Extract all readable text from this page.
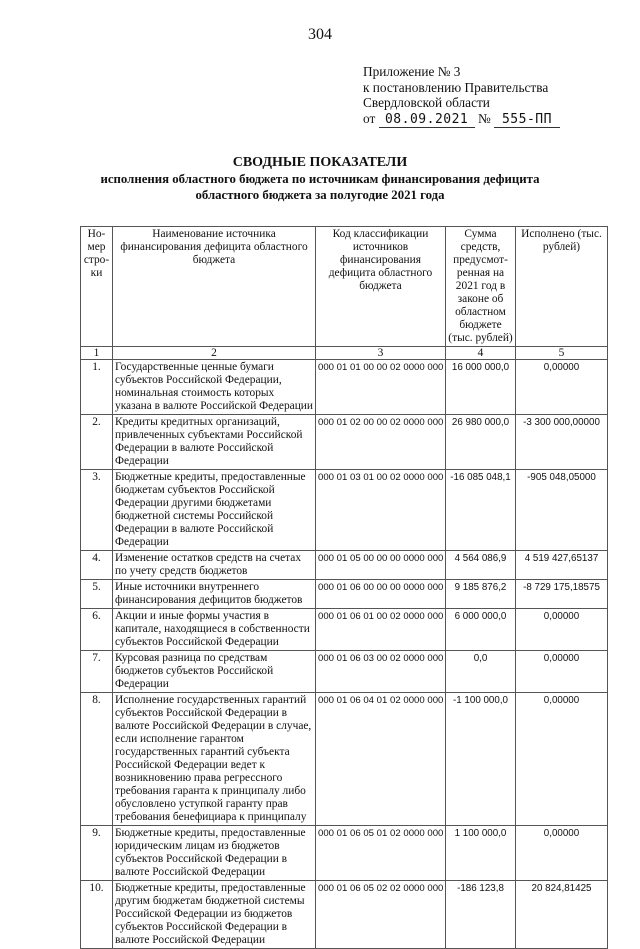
304
Приложение № 3
к постановлению Правительства
Свердловской области
от 08.09.2021 № 555-ПП
СВОДНЫЕ ПОКАЗАТЕЛИ
исполнения областного бюджета по источникам финансирования дефицита
областного бюджета за полугодие 2021 года
Но-мер стро-ки	Наименование источника финансирования дефицита областного бюджета	Код классификации источников финансирования дефицита областного бюджета	Сумма средств, предусмот-ренная на 2021 год в законе об областном бюджете (тыс. рублей)	Исполнено (тыс. рублей)
1	2	3	4	5
1.	Государственные ценные бумаги субъектов Российской Федерации, номинальная стоимость которых указана в валюте Российской Федерации	000 01 01 00 00 02 0000 000	16 000 000,0	0,00000
2.	Кредиты кредитных организаций, привлеченных субъектами Российской Федерации в валюте Российской Федерации	000 01 02 00 00 02 0000 000	26 980 000,0	-3 300 000,00000
3.	Бюджетные кредиты, предоставленные бюджетам субъектов Российской Федерации другими бюджетами бюджетной системы Российской Федерации в валюте Российской Федерации	000 01 03 01 00 02 0000 000	-16 085 048,1	-905 048,05000
4.	Изменение остатков средств на счетах по учету средств бюджетов	000 01 05 00 00 00 0000 000	4 564 086,9	4 519 427,65137
5.	Иные источники внутреннего финансирования дефицитов бюджетов	000 01 06 00 00 00 0000 000	9 185 876,2	-8 729 175,18575
6.	Акции и иные формы участия в капитале, находящиеся в собственности субъектов Российской Федерации	000 01 06 01 00 02 0000 000	6 000 000,0	0,00000
7.	Курсовая разница по средствам бюджетов субъектов Российской Федерации	000 01 06 03 00 02 0000 000	0,0	0,00000
8.	Исполнение государственных гарантий субъектов Российской Федерации в валюте Российской Федерации в случае, если исполнение гарантом государственных гарантий субъекта Российской Федерации ведет к возникновению права регрессного требования гаранта к принципалу либо обусловлено уступкой гаранту прав требования бенефициара к принципалу	000 01 06 04 01 02 0000 000	-1 100 000,0	0,00000
9.	Бюджетные кредиты, предоставленные юридическим лицам из бюджетов субъектов Российской Федерации в валюте Российской Федерации	000 01 06 05 01 02 0000 000	1 100 000,0	0,00000
10.	Бюджетные кредиты, предоставленные другим бюджетам бюджетной системы Российской Федерации из бюджетов субъектов Российской Федерации в валюте Российской Федерации	000 01 06 05 02 02 0000 000	-186 123,8	20 824,81425
